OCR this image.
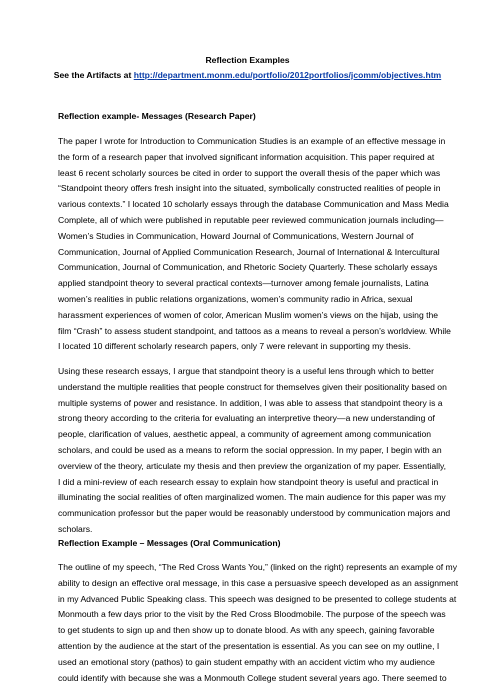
Reflection Examples
See the Artifacts at http://department.monm.edu/portfolio/2012portfolios/jcomm/objectives.htm
Reflection example- Messages (Research Paper)
The paper I wrote for Introduction to Communication Studies is an example of an effective message in
the form of a research paper that involved significant information acquisition. This paper required at
least 6 recent scholarly sources be cited in order to support the overall thesis of the paper which was
“Standpoint theory offers fresh insight into the situated, symbolically constructed realities of people in
various contexts.” I located 10 scholarly essays through the database Communication and Mass Media
Complete, all of which were published in reputable peer reviewed communication journals including—
Women’s Studies in Communication, Howard Journal of Communications, Western Journal of
Communication, Journal of Applied Communication Research, Journal of International & Intercultural
Communication, Journal of Communication, and Rhetoric Society Quarterly. These scholarly essays
applied standpoint theory to several practical contexts—turnover among female journalists, Latina
women’s realities in public relations organizations, women’s community radio in Africa, sexual
harassment experiences of women of color, American Muslim women’s views on the hijab, using the
film “Crash” to assess student standpoint, and tattoos as a means to reveal a person’s worldview. While
I located 10 different scholarly research papers, only 7 were relevant in supporting my thesis.
Using these research essays, I argue that standpoint theory is a useful lens through which to better
understand the multiple realities that people construct for themselves given their positionality based on
multiple systems of power and resistance. In addition, I was able to assess that standpoint theory is a
strong theory according to the criteria for evaluating an interpretive theory—a new understanding of
people, clarification of values, aesthetic appeal, a community of agreement among communication
scholars, and could be used as a means to reform the social oppression. In my paper, I begin with an
overview of the theory, articulate my thesis and then preview the organization of my paper. Essentially,
I did a mini-review of each research essay to explain how standpoint theory is useful and practical in
illuminating the social realities of often marginalized women. The main audience for this paper was my
communication professor but the paper would be reasonably understood by communication majors and
scholars.
Reflection Example – Messages (Oral Communication)
The outline of my speech, “The Red Cross Wants You,” (linked on the right) represents an example of my
ability to design an effective oral message, in this case a persuasive speech developed as an assignment
in my Advanced Public Speaking class. This speech was designed to be presented to college students at
Monmouth a few days prior to the visit by the Red Cross Bloodmobile. The purpose of the speech was
to get students to sign up and then show up to donate blood. As with any speech, gaining favorable
attention by the audience at the start of the presentation is essential. As you can see on my outline, I
used an emotional story (pathos) to gain student empathy with an accident victim who my audience
could identify with because she was a Monmouth College student several years ago. There seemed to
